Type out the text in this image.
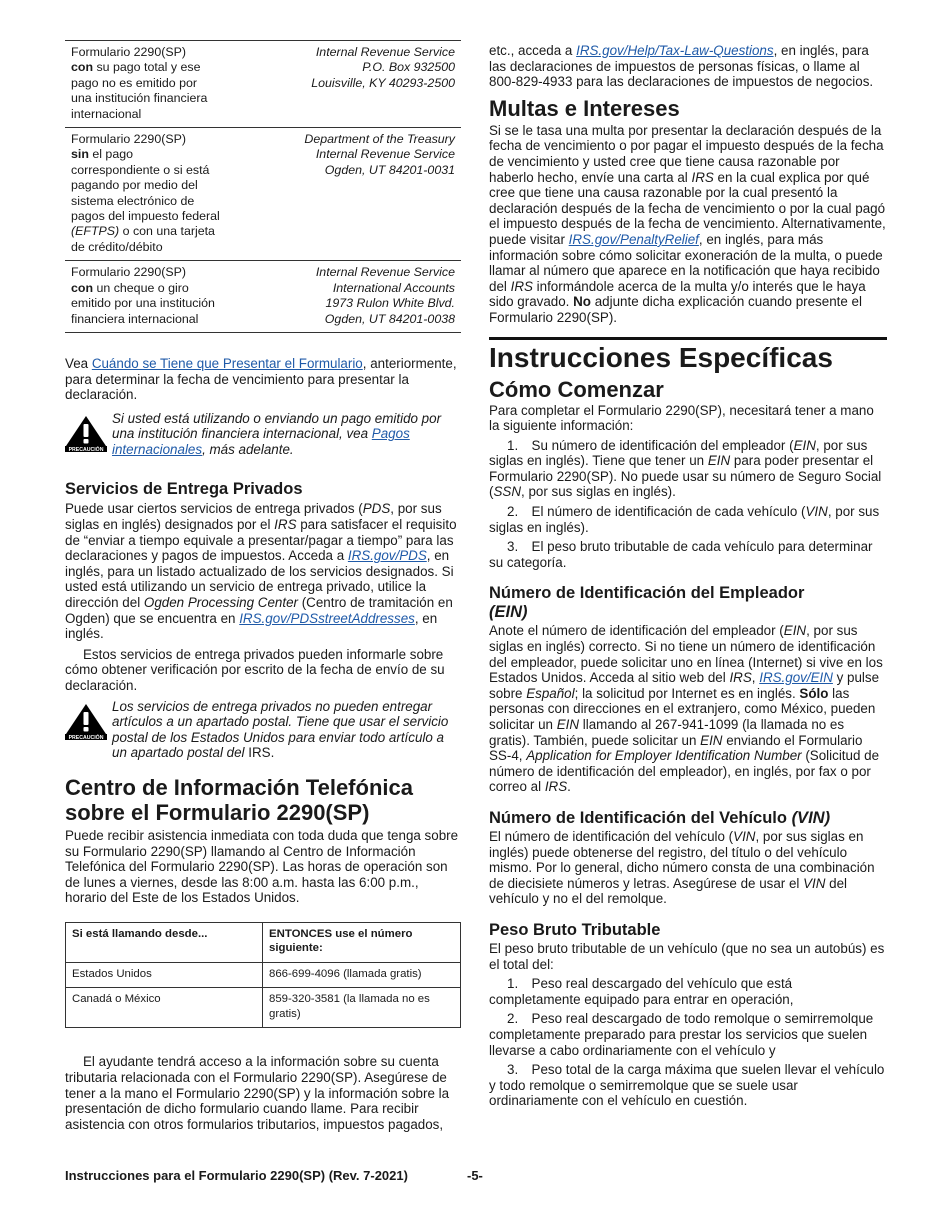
Formulario 2290(SP)
con su pago total y ese pago no es emitido por una institución financiera internacional	Internal Revenue Service
P.O. Box 932500
Louisville, KY 40293-2500
Formulario 2290(SP)
sin el pago correspondiente o si está pagando por medio del sistema electrónico de pagos del impuesto federal (EFTPS) o con una tarjeta de crédito/débito	Department of the Treasury
Internal Revenue Service
Ogden, UT 84201-0031
Formulario 2290(SP)
con un cheque o giro emitido por una institución financiera internacional	Internal Revenue Service
International Accounts
1973 Rulon White Blvd.
Ogden, UT 84201-0038

Vea Cuándo se Tiene que Presentar el Formulario, anteriormente, para determinar la fecha de vencimiento para presentar la declaración.

PRECAUCIÓN

Si usted está utilizando o enviando un pago emitido por una institución financiera internacional, vea Pagos internacionales, más adelante.

Servicios de Entrega Privados

Puede usar ciertos servicios de entrega privados (PDS, por sus siglas en inglés) designados por el IRS para satisfacer el requisito de “enviar a tiempo equivale a presentar/pagar a tiempo” para las declaraciones y pagos de impuestos. Acceda a IRS.gov/PDS, en inglés, para un listado actualizado de los servicios designados. Si usted está utilizando un servicio de entrega privado, utilice la dirección del Ogden Processing Center (Centro de tramitación en Ogden) que se encuentra en IRS.gov/PDSstreetAddresses, en inglés.

Estos servicios de entrega privados pueden informarle sobre cómo obtener verificación por escrito de la fecha de envío de su declaración.

PRECAUCIÓN

Los servicios de entrega privados no pueden entregar artículos a un apartado postal. Tiene que usar el servicio postal de los Estados Unidos para enviar todo artículo a un apartado postal del IRS.

Centro de Información Telefónica sobre el Formulario 2290(SP)

Puede recibir asistencia inmediata con toda duda que tenga sobre su Formulario 2290(SP) llamando al Centro de Información Telefónica del Formulario 2290(SP). Las horas de operación son de lunes a viernes, desde las 8:00 a.m. hasta las 6:00 p.m., horario del Este de los Estados Unidos.

Si está llamando desde...	ENTONCES use el número siguiente:
Estados Unidos	866-699-4096 (llamada gratis)
Canadá o México	859-320-3581 (la llamada no es gratis)

El ayudante tendrá acceso a la información sobre su cuenta tributaria relacionada con el Formulario 2290(SP). Asegúrese de tener a la mano el Formulario 2290(SP) y la información sobre la presentación de dicho formulario cuando llame. Para recibir asistencia con otros formularios tributarios, impuestos pagados,

etc., acceda a IRS.gov/Help/Tax-Law-Questions, en inglés, para las declaraciones de impuestos de personas físicas, o llame al 800-829-4933 para las declaraciones de impuestos de negocios.

Multas e Intereses

Si se le tasa una multa por presentar la declaración después de la fecha de vencimiento o por pagar el impuesto después de la fecha de vencimiento y usted cree que tiene causa razonable por haberlo hecho, envíe una carta al IRS en la cual explica por qué cree que tiene una causa razonable por la cual presentó la declaración después de la fecha de vencimiento o por la cual pagó el impuesto después de la fecha de vencimiento. Alternativamente, puede visitar IRS.gov/PenaltyRelief, en inglés, para más información sobre cómo solicitar exoneración de la multa, o puede llamar al número que aparece en la notificación que haya recibido del IRS informándole acerca de la multa y/o interés que le haya sido gravado. No adjunte dicha explicación cuando presente el Formulario 2290(SP).

Instrucciones Específicas
Cómo Comenzar

Para completar el Formulario 2290(SP), necesitará tener a mano la siguiente información:

1. Su número de identificación del empleador (EIN, por sus siglas en inglés). Tiene que tener un EIN para poder presentar el Formulario 2290(SP). No puede usar su número de Seguro Social (SSN, por sus siglas en inglés).

2. El número de identificación de cada vehículo (VIN, por sus siglas en inglés).

3. El peso bruto tributable de cada vehículo para determinar su categoría.

Número de Identificación del Empleador
(EIN)

Anote el número de identificación del empleador (EIN, por sus siglas en inglés) correcto. Si no tiene un número de identificación del empleador, puede solicitar uno en línea (Internet) si vive en los Estados Unidos. Acceda al sitio web del IRS, IRS.gov/EIN y pulse sobre Español; la solicitud por Internet es en inglés. Sólo las personas con direcciones en el extranjero, como México, pueden solicitar un EIN llamando al 267-941-1099 (la llamada no es gratis). También, puede solicitar un EIN enviando el Formulario SS-4, Application for Employer Identification Number (Solicitud de número de identificación del empleador), en inglés, por fax o por correo al IRS.

Número de Identificación del Vehículo (VIN)

El número de identificación del vehículo (VIN, por sus siglas en inglés) puede obtenerse del registro, del título o del vehículo mismo. Por lo general, dicho número consta de una combinación de diecisiete números y letras. Asegúrese de usar el VIN del vehículo y no el del remolque.

Peso Bruto Tributable

El peso bruto tributable de un vehículo (que no sea un autobús) es el total del:

1. Peso real descargado del vehículo que está completamente equipado para entrar en operación,

2. Peso real descargado de todo remolque o semirremolque completamente preparado para prestar los servicios que suelen llevarse a cabo ordinariamente con el vehículo y

3. Peso total de la carga máxima que suelen llevar el vehículo y todo remolque o semirremolque que se suele usar ordinariamente con el vehículo en cuestión.

Instrucciones para el Formulario 2290(SP) (Rev. 7-2021)	-5-
